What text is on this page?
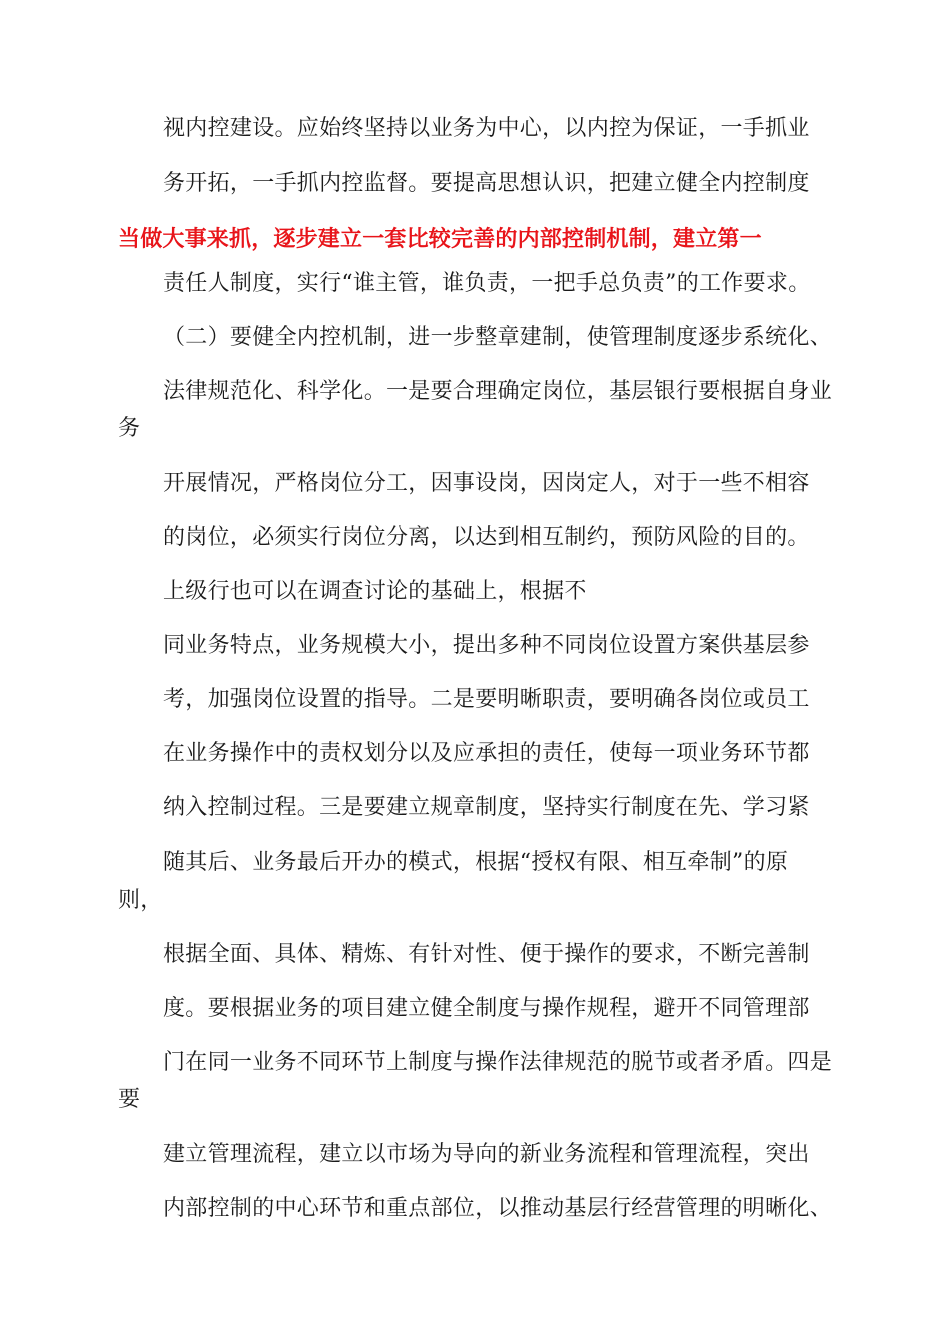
视内控建设。应始终坚持以业务为中心，以内控为保证，一手抓业
务开拓，一手抓内控监督。要提高思想认识，把建立健全内控制度
当做大事来抓，逐步建立一套比较完善的内部控制机制，建立第一
责任人制度，实行“谁主管，谁负责，一把手总负责”的工作要求。
（二）要健全内控机制，进一步整章建制，使管理制度逐步系统化、
法律规范化、科学化。一是要合理确定岗位，基层银行要根据自身业
务
开展情况，严格岗位分工，因事设岗，因岗定人，对于一些不相容
的岗位，必须实行岗位分离，以达到相互制约，预防风险的目的。
上级行也可以在调查讨论的基础上，根据不
同业务特点，业务规模大小，提出多种不同岗位设置方案供基层参
考，加强岗位设置的指导。二是要明晰职责，要明确各岗位或员工
在业务操作中的责权划分以及应承担的责任，使每一项业务环节都
纳入控制过程。三是要建立规章制度，坚持实行制度在先、学习紧
随其后、业务最后开办的模式，根据“授权有限、相互牵制”的原
则，
根据全面、具体、精炼、有针对性、便于操作的要求，不断完善制
度。要根据业务的项目建立健全制度与操作规程，避开不同管理部
门在同一业务不同环节上制度与操作法律规范的脱节或者矛盾。四是
要
建立管理流程，建立以市场为导向的新业务流程和管理流程，突出
内部控制的中心环节和重点部位，以推动基层行经营管理的明晰化、
